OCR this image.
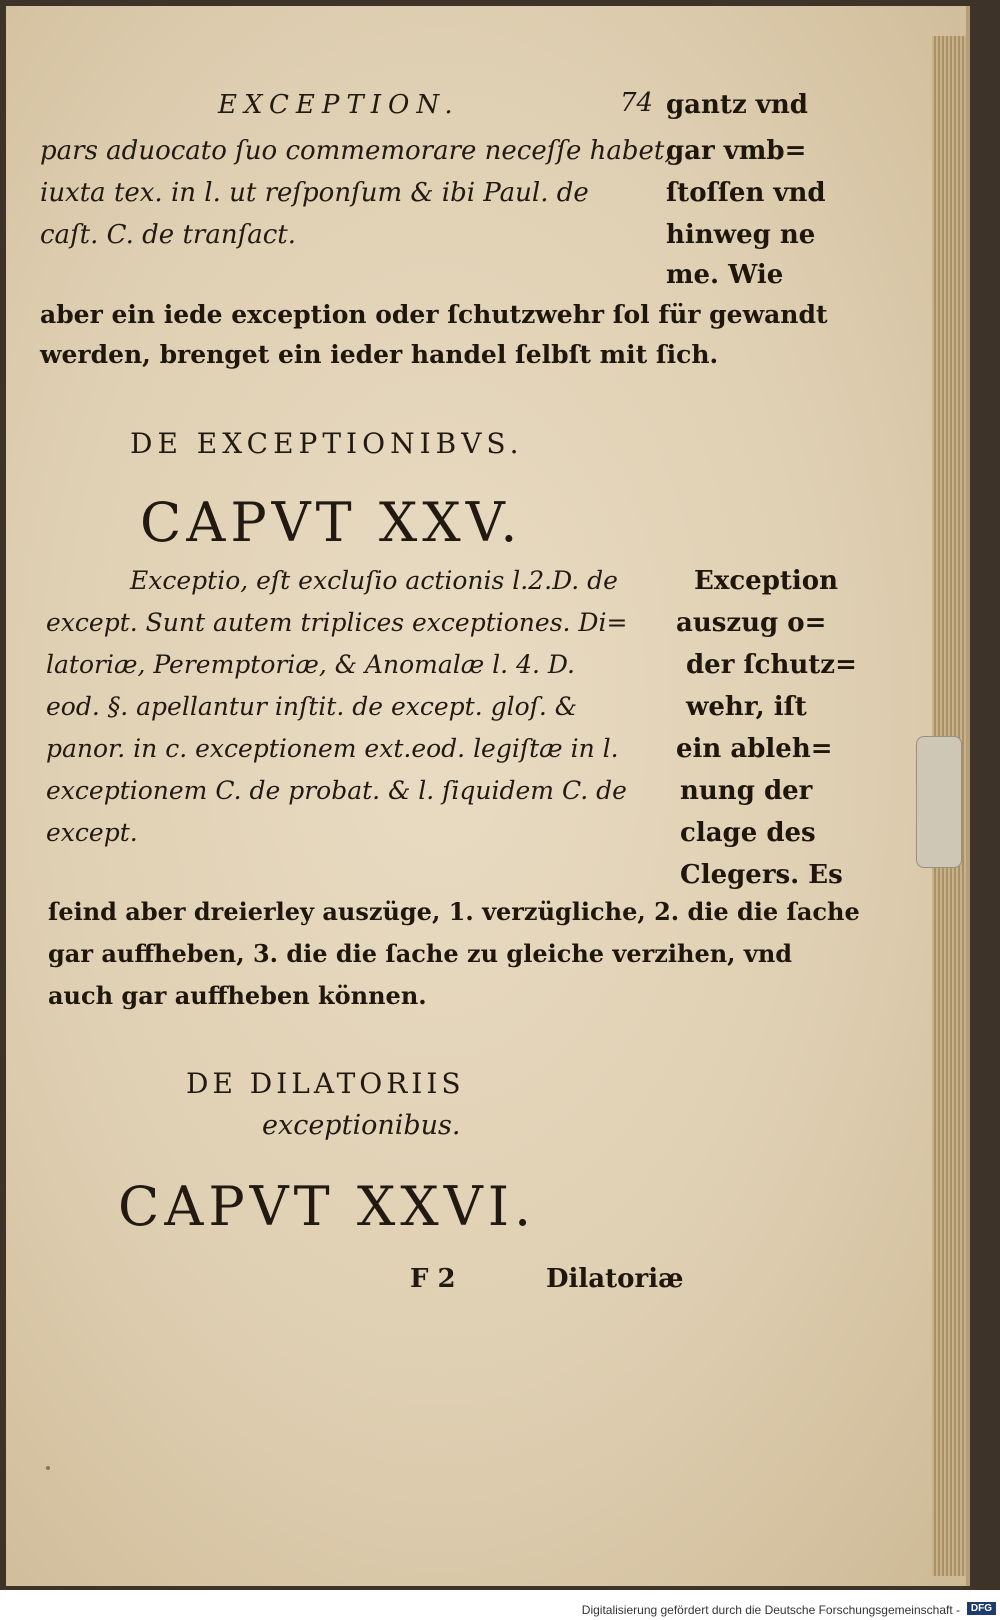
EXCEPTION.	74
pars aduocato ſuo commemorare neceſſe habet,
iuxta tex. in l. ut reſponſum & ibi Paul. de
caſt. C. de tranſact.
gantz vnd
gar vmb=
ſtoſſen vnd
hinweg ne
me. Wie
aber ein iede exception oder ſchutzwehr ſol für gewandt
werden, brenget ein ieder handel ſelbſt mit ſich.
DE EXCEPTIONIBVS.
CAPVT XXV.
Exceptio, eſt excluſio actionis l.2.D. de
except. Sunt autem triplices exceptiones. Di=
latoriæ, Peremptoriæ, & Anomalæ l. 4. D.
eod. §. apellantur inſtit. de except. gloſ. &
panor. in c. exceptionem ext.eod. legiſtæ in l.
exceptionem C. de probat. & l. ſiquidem C. de
except.
Exception
auszug o=
der ſchutz=
wehr, iſt
ein ableh=
nung der
clage des
Clegers. Es
ſeind aber dreierley auszüge, 1. verzügliche, 2. die die ſache
gar auffheben, 3. die die ſache zu gleiche verzihen, vnd
auch gar auffheben können.
DE DILATORIIS
exceptionibus.
CAPVT XXVI.
F 2	Dilatoriæ
Digitalisierung gefördert durch die Deutsche Forschungsgemeinschaft -	DFG
